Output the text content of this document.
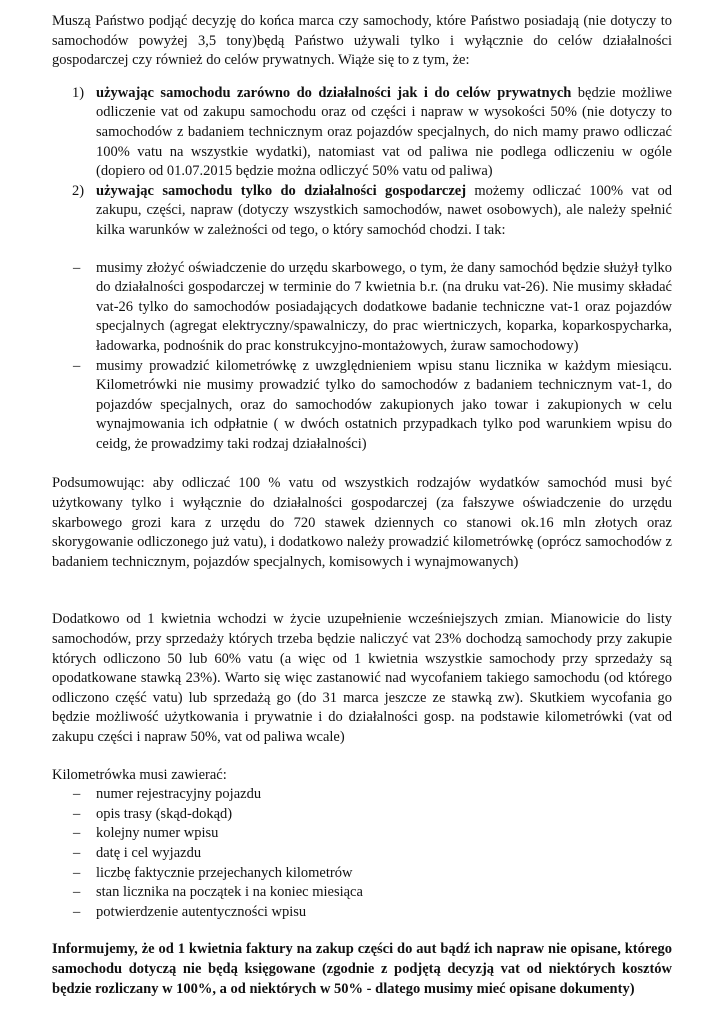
Muszą Państwo podjąć decyzję do końca marca czy samochody, które Państwo posiadają (nie dotyczy to samochodów powyżej 3,5 tony)będą Państwo używali tylko i wyłącznie do celów działalności gospodarczej czy również do celów prywatnych. Wiąże się to z tym, że:

1) używając samochodu zarówno do działalności jak i do celów prywatnych będzie możliwe odliczenie vat od zakupu samochodu oraz od części i napraw w wysokości 50% (nie dotyczy to samochodów z badaniem technicznym oraz pojazdów specjalnych, do nich mamy prawo odliczać 100% vatu na wszystkie wydatki), natomiast vat od paliwa nie podlega odliczeniu w ogóle (dopiero od 01.07.2015 będzie można odliczyć 50% vatu od paliwa)
2) używając samochodu tylko do działalności gospodarczej możemy odliczać 100% vat od zakupu, części, napraw (dotyczy wszystkich samochodów, nawet osobowych), ale należy spełnić kilka warunków w zależności od tego, o który samochód chodzi. I tak:
– musimy złożyć oświadczenie do urzędu skarbowego, o tym, że dany samochód będzie służył tylko do działalności gospodarczej w terminie do 7 kwietnia b.r. (na druku vat-26). Nie musimy składać vat-26 tylko do samochodów posiadających dodatkowe badanie techniczne vat-1 oraz pojazdów specjalnych (agregat elektryczny/spawalniczy, do prac wiertniczych, koparka, koparkospycharka, ładowarka, podnośnik do prac konstrukcyjno-montażowych, żuraw samochodowy)
– musimy prowadzić kilometrówkę z uwzględnieniem wpisu stanu licznika w każdym miesiącu. Kilometrówki nie musimy prowadzić tylko do samochodów z badaniem technicznym vat-1, do pojazdów specjalnych, oraz do samochodów zakupionych jako towar i zakupionych w celu wynajmowania ich odpłatnie ( w dwóch ostatnich przypadkach tylko pod warunkiem wpisu do ceidg, że prowadzimy taki rodzaj działalności)

Podsumowując: aby odliczać 100 % vatu od wszystkich rodzajów wydatków samochód musi być użytkowany tylko i wyłącznie do działalności gospodarczej (za fałszywe oświadczenie do urzędu skarbowego grozi kara z urzędu do 720 stawek dziennych co stanowi ok.16 mln złotych oraz skorygowanie odliczonego już vatu), i dodatkowo należy prowadzić kilometrówkę (oprócz samochodów z badaniem technicznym, pojazdów specjalnych, komisowych i wynajmowanych)

Dodatkowo od 1 kwietnia wchodzi w życie uzupełnienie wcześniejszych zmian. Mianowicie do listy samochodów, przy sprzedaży których trzeba będzie naliczyć vat 23% dochodzą samochody przy zakupie których odliczono 50 lub 60% vatu (a więc od 1 kwietnia wszystkie samochody przy sprzedaży są opodatkowane stawką 23%). Warto się więc zastanowić nad wycofaniem takiego samochodu (od którego odliczono część vatu) lub sprzedażą go (do 31 marca jeszcze ze stawką zw). Skutkiem wycofania go będzie możliwość użytkowania i prywatnie i do działalności gosp. na podstawie kilometrówki (vat od zakupu części i napraw 50%, vat od paliwa wcale)

Kilometrówka musi zawierać:

– numer rejestracyjny pojazdu
– opis trasy (skąd-dokąd)
– kolejny numer wpisu
– datę i cel wyjazdu
– liczbę faktycznie przejechanych kilometrów
– stan licznika na początek i na koniec miesiąca
– potwierdzenie autentyczności wpisu

Informujemy, że od 1 kwietnia faktury na zakup części do aut bądź ich napraw nie opisane, którego samochodu dotyczą nie będą księgowane (zgodnie z podjętą decyzją vat od niektórych kosztów będzie rozliczany w 100%, a od niektórych w 50% - dlatego musimy mieć opisane dokumenty)
